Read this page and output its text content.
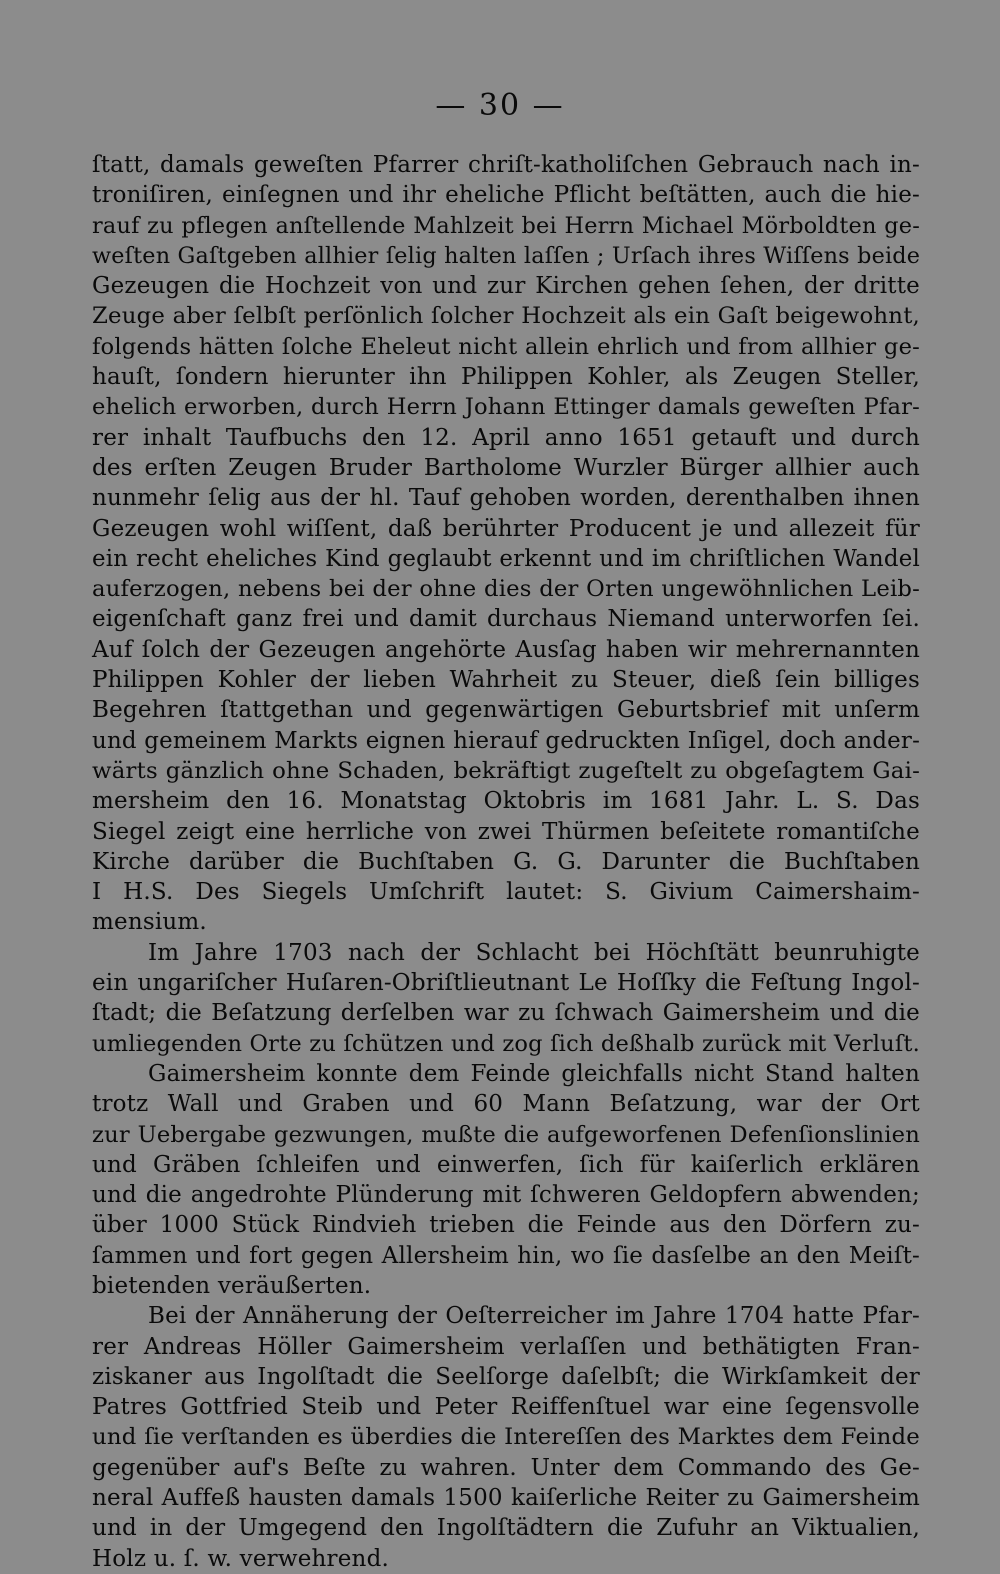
— 30 —
ſtatt, damals geweſten Pfarrer chriſt-katholiſchen Gebrauch nach in-
troniſiren, einſegnen und ihr eheliche Pflicht beſtätten, auch die hie-
rauf zu pflegen anſtellende Mahlzeit bei Herrn Michael Mörboldten ge-
weſten Gaſtgeben allhier ſelig halten laſſen ; Urſach ihres Wiſſens beide
Gezeugen die Hochzeit von und zur Kirchen gehen ſehen, der dritte
Zeuge aber ſelbſt perſönlich ſolcher Hochzeit als ein Gaſt beigewohnt,
folgends hätten ſolche Eheleut nicht allein ehrlich und from allhier ge-
hauſt, ſondern hierunter ihn Philippen Kohler, als Zeugen Steller,
ehelich erworben, durch Herrn Johann Ettinger damals geweſten Pfar-
rer inhalt Taufbuchs den 12. April anno 1651 getauft und durch
des erſten Zeugen Bruder Bartholome Wurzler Bürger allhier auch
nunmehr ſelig aus der hl. Tauf gehoben worden, derenthalben ihnen
Gezeugen wohl wiſſent, daß berührter Producent je und allezeit für
ein recht eheliches Kind geglaubt erkennt und im chriſtlichen Wandel
auferzogen, nebens bei der ohne dies der Orten ungewöhnlichen Leib-
eigenſchaft ganz frei und damit durchaus Niemand unterworfen ſei.
Auf ſolch der Gezeugen angehörte Ausſag haben wir mehrernannten
Philippen Kohler der lieben Wahrheit zu Steuer, dieß ſein billiges
Begehren ſtattgethan und gegenwärtigen Geburtsbrief mit unſerm
und gemeinem Markts eignen hierauf gedruckten Inſigel, doch ander-
wärts gänzlich ohne Schaden, bekräftigt zugeſtelt zu obgeſagtem Gai-
mersheim den 16. Monatstag Oktobris im 1681 Jahr. L. S. Das
Siegel zeigt eine herrliche von zwei Thürmen beſeitete romantiſche
Kirche darüber die Buchſtaben G. G. Darunter die Buchſtaben
I H.S. Des Siegels Umſchrift lautet: S. Givium Caimershaim-
mensium.
Im Jahre 1703 nach der Schlacht bei Höchſtätt beunruhigte
ein ungariſcher Huſaren-Obriſtlieutnant Le Hoſſky die Feſtung Ingol-
ſtadt; die Beſatzung derſelben war zu ſchwach Gaimersheim und die
umliegenden Orte zu ſchützen und zog ſich deßhalb zurück mit Verluſt.
Gaimersheim konnte dem Feinde gleichfalls nicht Stand halten
trotz Wall und Graben und 60 Mann Beſatzung, war der Ort
zur Uebergabe gezwungen, mußte die aufgeworfenen Defenſionslinien
und Gräben ſchleifen und einwerfen, ſich für kaiſerlich erklären
und die angedrohte Plünderung mit ſchweren Geldopfern abwenden;
über 1000 Stück Rindvieh trieben die Feinde aus den Dörfern zu-
ſammen und fort gegen Allersheim hin, wo ſie dasſelbe an den Meiſt-
bietenden veräußerten.
Bei der Annäherung der Oeſterreicher im Jahre 1704 hatte Pfar-
rer Andreas Höller Gaimersheim verlaſſen und bethätigten Fran-
ziskaner aus Ingolſtadt die Seelſorge daſelbſt; die Wirkſamkeit der
Patres Gottfried Steib und Peter Reiffenſtuel war eine ſegensvolle
und ſie verſtanden es überdies die Intereſſen des Marktes dem Feinde
gegenüber auf's Beſte zu wahren. Unter dem Commando des Ge-
neral Auffeß hausten damals 1500 kaiſerliche Reiter zu Gaimersheim
und in der Umgegend den Ingolſtädtern die Zufuhr an Viktualien,
Holz u. ſ. w. verwehrend.
